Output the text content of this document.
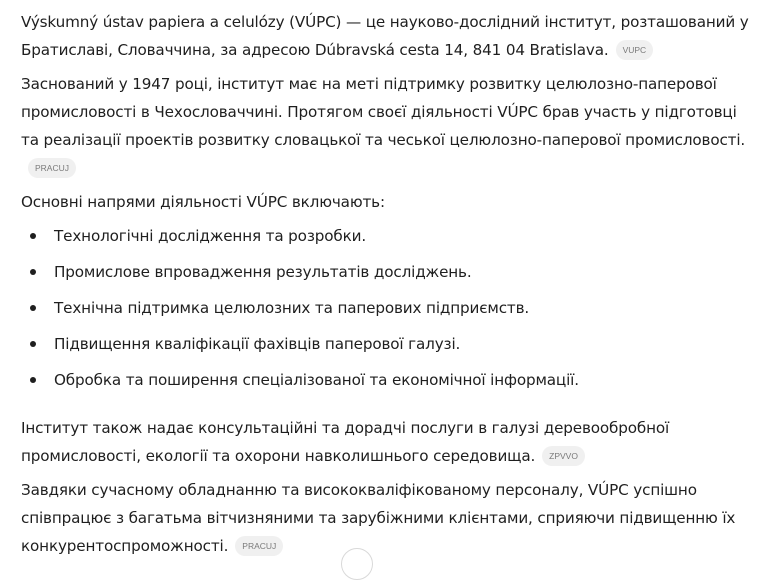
Výskumný ústav papiera a celulózy (VÚPC) — це науково-дослідний інститут, розташований у Братиславі, Словаччина, за адресою Dúbravská cesta 14, 841 04 Bratislava. VUPC

Заснований у 1947 році, інститут має на меті підтримку розвитку целюлозно-паперової промисловості в Чехословаччині. Протягом своєї діяльності VÚPC брав участь у підготовці та реалізації проектів розвитку словацької та чеської целюлозно-паперової промисловості.PRACUJ

Основні напрями діяльності VÚPC включають:

Технологічні дослідження та розробки.
Промислове впровадження результатів досліджень.
Технічна підтримка целюлозних та паперових підприємств.
Підвищення кваліфікації фахівців паперової галузі.
Обробка та поширення спеціалізованої та економічної інформації.

Інститут також надає консультаційні та дорадчі послуги в галузі деревообробної промисловості, екології та охорони навколишнього середовища. ZPVVO

Завдяки сучасному обладнанню та висококваліфікованому персоналу, VÚPC успішно співпрацює з багатьма вітчизняними та зарубіжними клієнтами, сприяючи підвищенню їх конкурентоспроможності. PRACUJ
